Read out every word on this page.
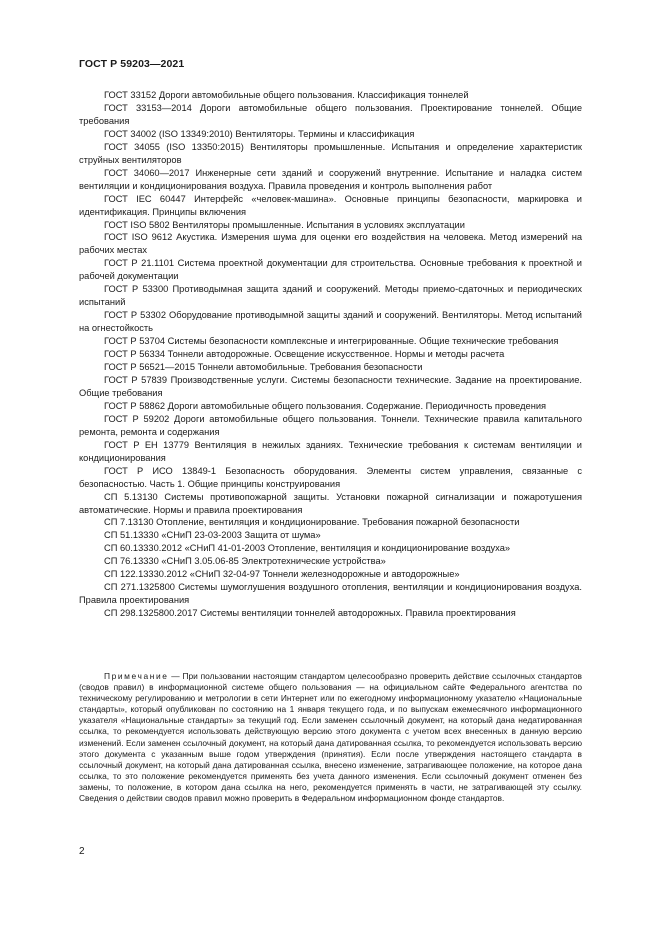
ГОСТ Р 59203—2021

ГОСТ 33152 Дороги автомобильные общего пользования. Классификация тоннелей

ГОСТ 33153—2014 Дороги автомобильные общего пользования. Проектирование тоннелей. Общие требования

ГОСТ 34002 (ISO 13349:2010) Вентиляторы. Термины и классификация

ГОСТ 34055 (ISO 13350:2015) Вентиляторы промышленные. Испытания и определение характеристик струйных вентиляторов

ГОСТ 34060—2017 Инженерные сети зданий и сооружений внутренние. Испытание и наладка систем вентиляции и кондиционирования воздуха. Правила проведения и контроль выполнения работ

ГОСТ IEC 60447 Интерфейс «человек-машина». Основные принципы безопасности, маркировка и идентификация. Принципы включения

ГОСТ ISO 5802 Вентиляторы промышленные. Испытания в условиях эксплуатации

ГОСТ ISO 9612 Акустика. Измерения шума для оценки его воздействия на человека. Метод измерений на рабочих местах

ГОСТ Р 21.1101 Система проектной документации для строительства. Основные требования к проектной и рабочей документации

ГОСТ Р 53300 Противодымная защита зданий и сооружений. Методы приемо-сдаточных и периодических испытаний

ГОСТ Р 53302 Оборудование противодымной защиты зданий и сооружений. Вентиляторы. Метод испытаний на огнестойкость

ГОСТ Р 53704 Системы безопасности комплексные и интегрированные. Общие технические требования

ГОСТ Р 56334 Тоннели автодорожные. Освещение искусственное. Нормы и методы расчета

ГОСТ Р 56521—2015 Тоннели автомобильные. Требования безопасности

ГОСТ Р 57839 Производственные услуги. Системы безопасности технические. Задание на проектирование. Общие требования

ГОСТ Р 58862 Дороги автомобильные общего пользования. Содержание. Периодичность проведения

ГОСТ Р 59202 Дороги автомобильные общего пользования. Тоннели. Технические правила капитального ремонта, ремонта и содержания

ГОСТ Р ЕН 13779 Вентиляция в нежилых зданиях. Технические требования к системам вентиляции и кондиционирования

ГОСТ Р ИСО 13849-1 Безопасность оборудования. Элементы систем управления, связанные с безопасностью. Часть 1. Общие принципы конструирования

СП 5.13130 Системы противопожарной защиты. Установки пожарной сигнализации и пожаротушения автоматические. Нормы и правила проектирования

СП 7.13130 Отопление, вентиляция и кондиционирование. Требования пожарной безопасности

СП 51.13330 «СНиП 23-03-2003 Защита от шума»

СП 60.13330.2012 «СНиП 41-01-2003 Отопление, вентиляция и кондиционирование воздуха»

СП 76.13330 «СНиП 3.05.06-85 Электротехнические устройства»

СП 122.13330.2012 «СНиП 32-04-97 Тоннели железнодорожные и автодорожные»

СП 271.1325800 Системы шумоглушения воздушного отопления, вентиляции и кондиционирования воздуха. Правила проектирования

СП 298.1325800.2017 Системы вентиляции тоннелей автодорожных. Правила проектирования

Примечание — При пользовании настоящим стандартом целесообразно проверить действие ссылочных стандартов (сводов правил) в информационной системе общего пользования — на официальном сайте Федерального агентства по техническому регулированию и метрологии в сети Интернет или по ежегодному информационному указателю «Национальные стандарты», который опубликован по состоянию на 1 января текущего года, и по выпускам ежемесячного информационного указателя «Национальные стандарты» за текущий год. Если заменен ссылочный документ, на который дана недатированная ссылка, то рекомендуется использовать действующую версию этого документа с учетом всех внесенных в данную версию изменений. Если заменен ссылочный документ, на который дана датированная ссылка, то рекомендуется использовать версию этого документа с указанным выше годом утверждения (принятия). Если после утверждения настоящего стандарта в ссылочный документ, на который дана датированная ссылка, внесено изменение, затрагивающее положение, на которое дана ссылка, то это положение рекомендуется применять без учета данного изменения. Если ссылочный документ отменен без замены, то положение, в котором дана ссылка на него, рекомендуется применять в части, не затрагивающей эту ссылку. Сведения о действии сводов правил можно проверить в Федеральном информационном фонде стандартов.

2
